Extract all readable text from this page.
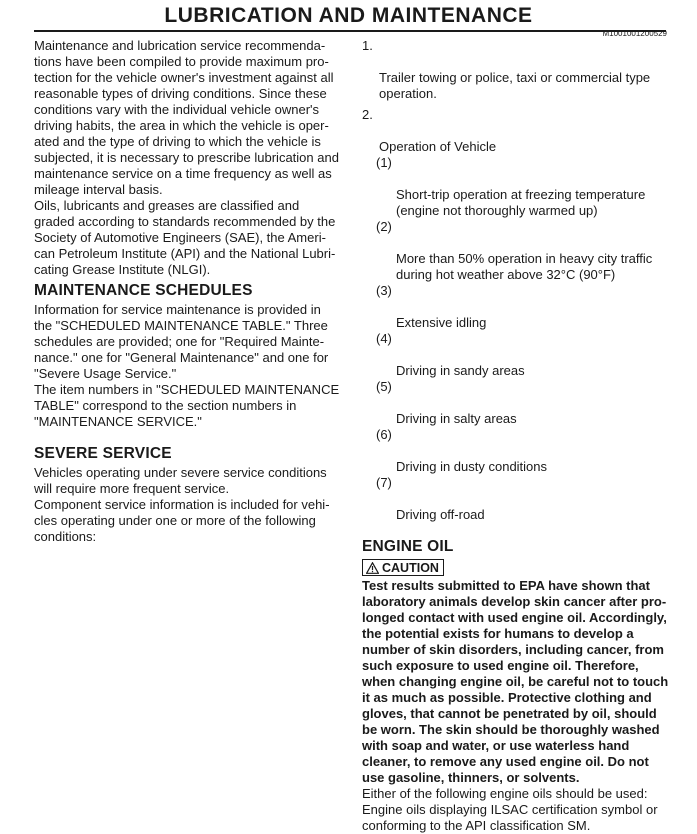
LUBRICATION AND MAINTENANCE
M1001001200529

Maintenance and lubrication service recommenda-
tions have been compiled to provide maximum pro-
tection for the vehicle owner's investment against all
reasonable types of driving conditions. Since these
conditions vary with the individual vehicle owner's
driving habits, the area in which the vehicle is oper-
ated and the type of driving to which the vehicle is
subjected, it is necessary to prescribe lubrication and
maintenance service on a time frequency as well as
mileage interval basis.

Oils, lubricants and greases are classified and
graded according to standards recommended by the
Society of Automotive Engineers (SAE), the Ameri-
can Petroleum Institute (API) and the National Lubri-
cating Grease Institute (NLGI).

MAINTENANCE SCHEDULES

Information for service maintenance is provided in
the "SCHEDULED MAINTENANCE TABLE." Three
schedules are provided; one for "Required Mainte-
nance." one for "General Maintenance" and one for
"Severe Usage Service."

The item numbers in "SCHEDULED MAINTENANCE
TABLE" correspond to the section numbers in
"MAINTENANCE SERVICE."

SEVERE SERVICE

Vehicles operating under severe service conditions
will require more frequent service.

Component service information is included for vehi-
cles operating under one or more of the following
conditions:

1.

Trailer towing or police, taxi or commercial type
operation.

2.

Operation of Vehicle

(1)

Short-trip operation at freezing temperature
(engine not thoroughly warmed up)

(2)

More than 50% operation in heavy city traffic
during hot weather above 32°C (90°F)

(3)

Extensive idling

(4)

Driving in sandy areas

(5)

Driving in salty areas

(6)

Driving in dusty conditions

(7)

Driving off-road

ENGINE OIL
CAUTION

Test results submitted to EPA have shown that
laboratory animals develop skin cancer after pro-
longed contact with used engine oil. Accordingly,
the potential exists for humans to develop a
number of skin disorders, including cancer, from
such exposure to used engine oil. Therefore,
when changing engine oil, be careful not to touch
it as much as possible. Protective clothing and
gloves, that cannot be penetrated by oil, should
be worn. The skin should be thoroughly washed
with soap and water, or use waterless hand
cleaner, to remove any used engine oil. Do not
use gasoline, thinners, or solvents.

Either of the following engine oils should be used:

Engine oils displaying ILSAC certification symbol or
conforming to the API classification SM.
